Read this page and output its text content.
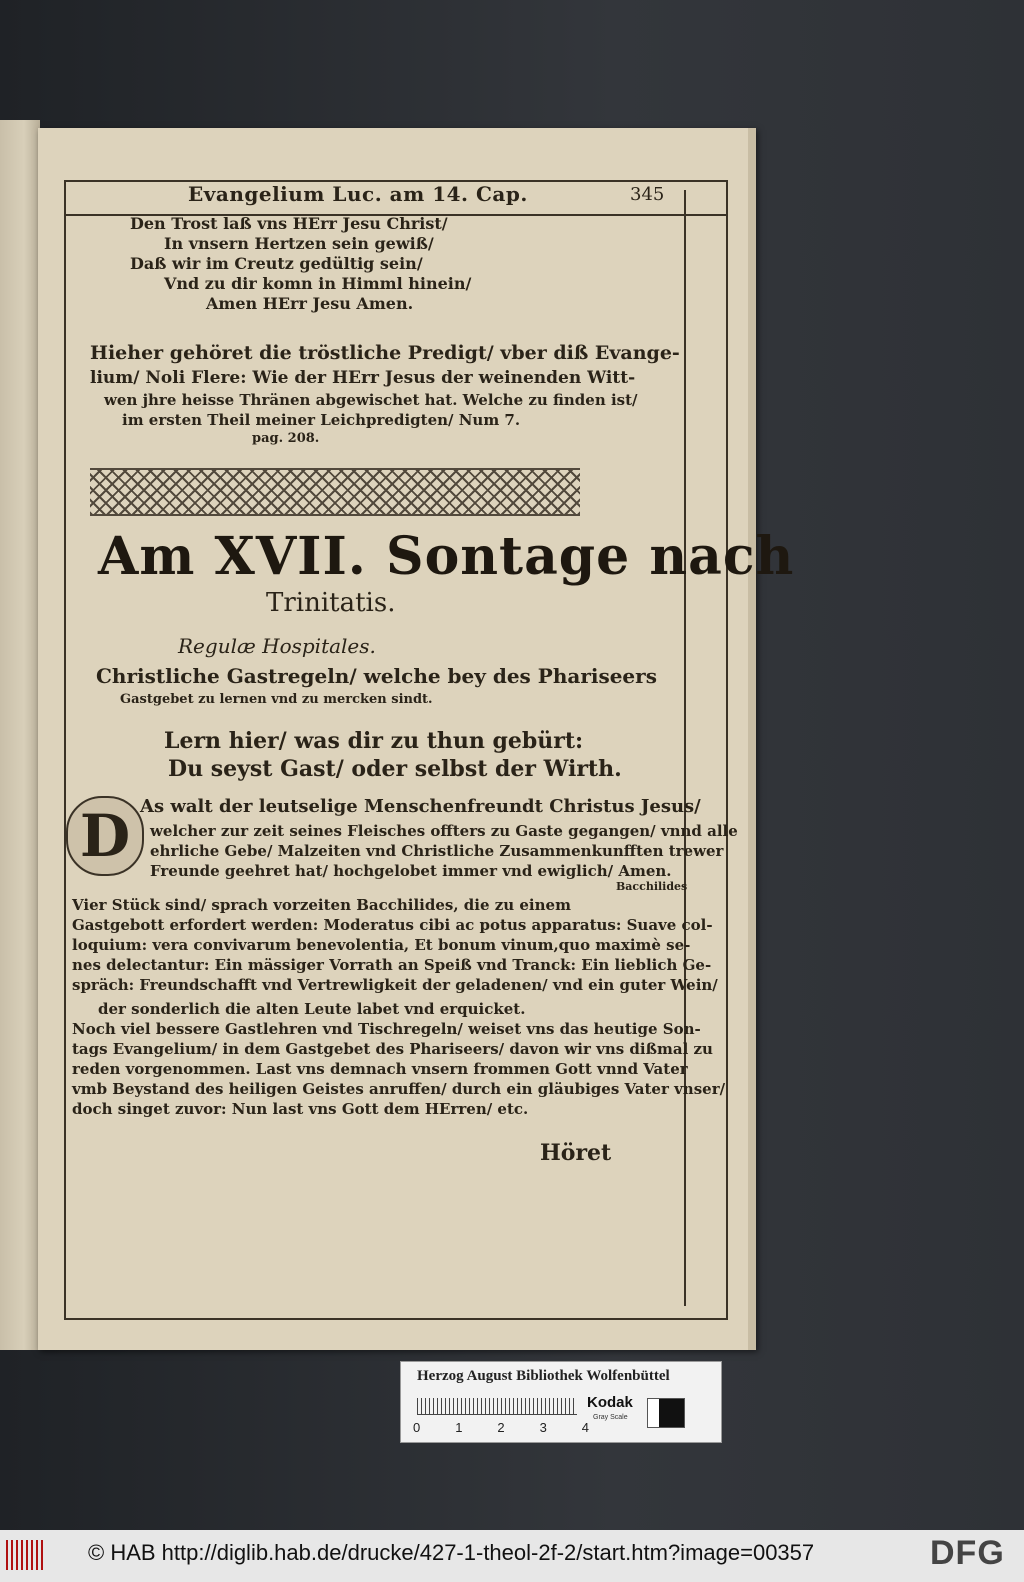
Evangelium Luc. am 14. Cap.	345
Den Trost laß vns HErr Jesu Christ/
In vnsern Hertzen sein gewiß/
Daß wir im Creutz gedültig sein/
Vnd zu dir komn in Himml hinein/
Amen HErr Jesu Amen.
Hieher gehöret die tröstliche Predigt/ vber diß Evange-
lium/ Noli Flere: Wie der HErr Jesus der weinenden Witt-
wen jhre heisse Thränen abgewischet hat. Welche zu finden ist/
im ersten Theil meiner Leichpredigten/ Num 7.
pag. 208.
Am XVII. Sontage nach
Trinitatis.
Regulæ Hospitales.
Christliche Gastregeln/ welche bey des Phariseers
Gastgebet zu lernen vnd zu mercken sindt.
Lern hier/ was dir zu thun gebürt:
Du seyst Gast/ oder selbst der Wirth.
D As walt der leutselige Menschenfreundt Christus Jesus/
welcher zur zeit seines Fleisches offters zu Gaste gegangen/ vnnd alle
ehrliche Gebe/ Malzeiten vnd Christliche Zusammenkunfften trewer
Freunde geehret hat/ hochgelobet immer vnd ewiglich/ Amen.
Vier Stück sind/ sprach vorzeiten Bacchilides, die zu einem
Gastgebott erfordert werden: Moderatus cibi ac potus apparatus: Suave col-
loquium: vera convivarum benevolentia, Et bonum vinum,quo maximè se-
nes delectantur: Ein mässiger Vorrath an Speiß vnd Tranck: Ein lieblich Ge-
spräch: Freundschafft vnd Vertrewligkeit der geladenen/ vnd ein guter Wein/
der sonderlich die alten Leute labet vnd erquicket.
Noch viel bessere Gastlehren vnd Tischregeln/ weiset vns das heutige Son-
tags Evangelium/ in dem Gastgebet des Phariseers/ davon wir vns dißmal zu
reden vorgenommen. Last vns demnach vnsern frommen Gott vnnd Vater
vmb Beystand des heiligen Geistes anruffen/ durch ein gläubiges Vater vnser/
doch singet zuvor: Nun last vns Gott dem HErren/ etc.
Bacchilides
Höret
Herzog August Bibliothek Wolfenbüttel
0	1	2	3	4
Kodak
Gray Scale
© HAB http://diglib.hab.de/drucke/427-1-theol-2f-2/start.htm?image=00357	DFG
